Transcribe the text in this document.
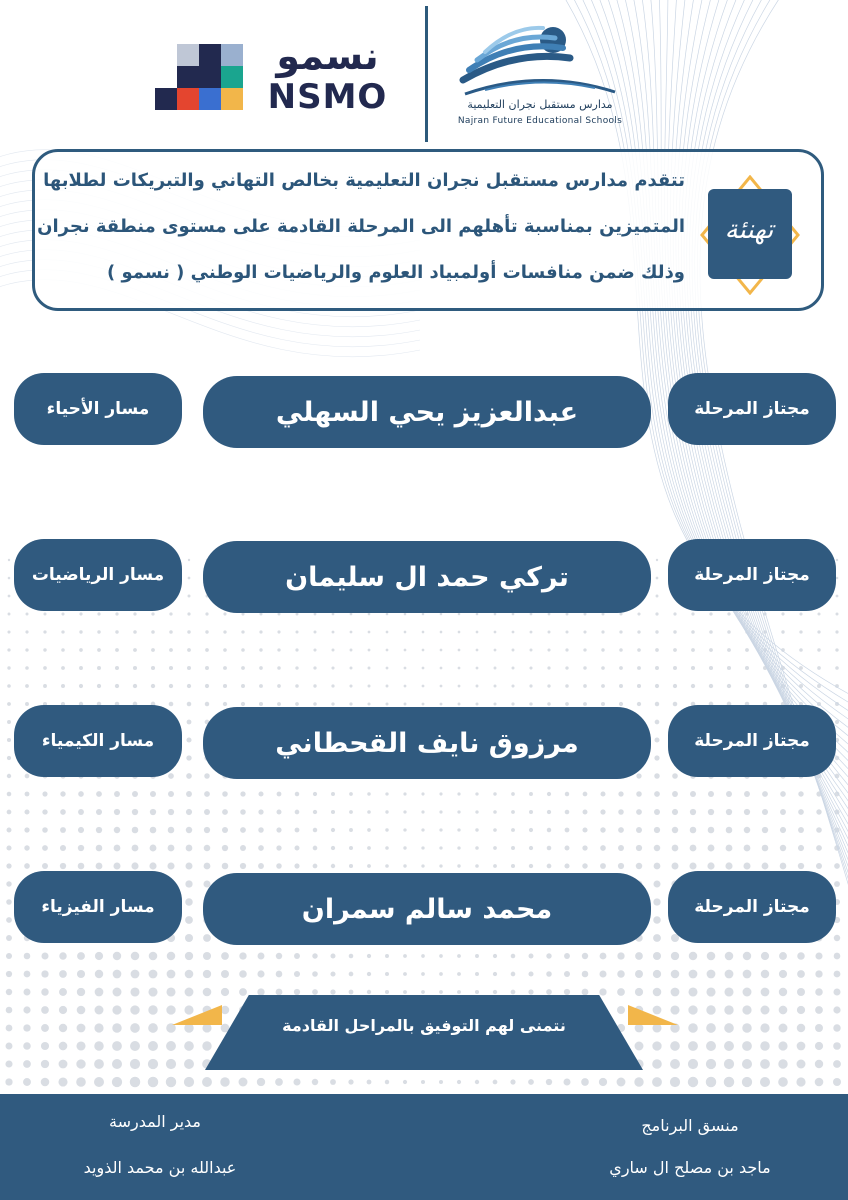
نسمو
NSMO	مدارس مستقبل نجران التعليمية
Najran Future Educational Schools
تتقدم مدارس مستقبل نجران التعليمية بخالص التهاني والتبريكات لطلابها
المتميزين بمناسبة تأهلهم الى المرحلة القادمة على مستوى منطقة نجران
وذلك ضمن منافسات أولمبياد العلوم والرياضيات الوطني ( نسمو )
تهنئة
مجتاز المرحلة
عبدالعزيز يحي السهلي
مسار الأحياء
مجتاز المرحلة
تركي حمد ال سليمان
مسار الرياضيات
مجتاز المرحلة
مرزوق نايف القحطاني
مسار الكيمياء
مجتاز المرحلة
محمد سالم سمران
مسار الفيزياء
نتمنى لهم التوفيق بالمراحل القادمة
منسق البرنامج
ماجد بن مصلح ال ساري
مدير المدرسة
عبدالله بن محمد الذويد
